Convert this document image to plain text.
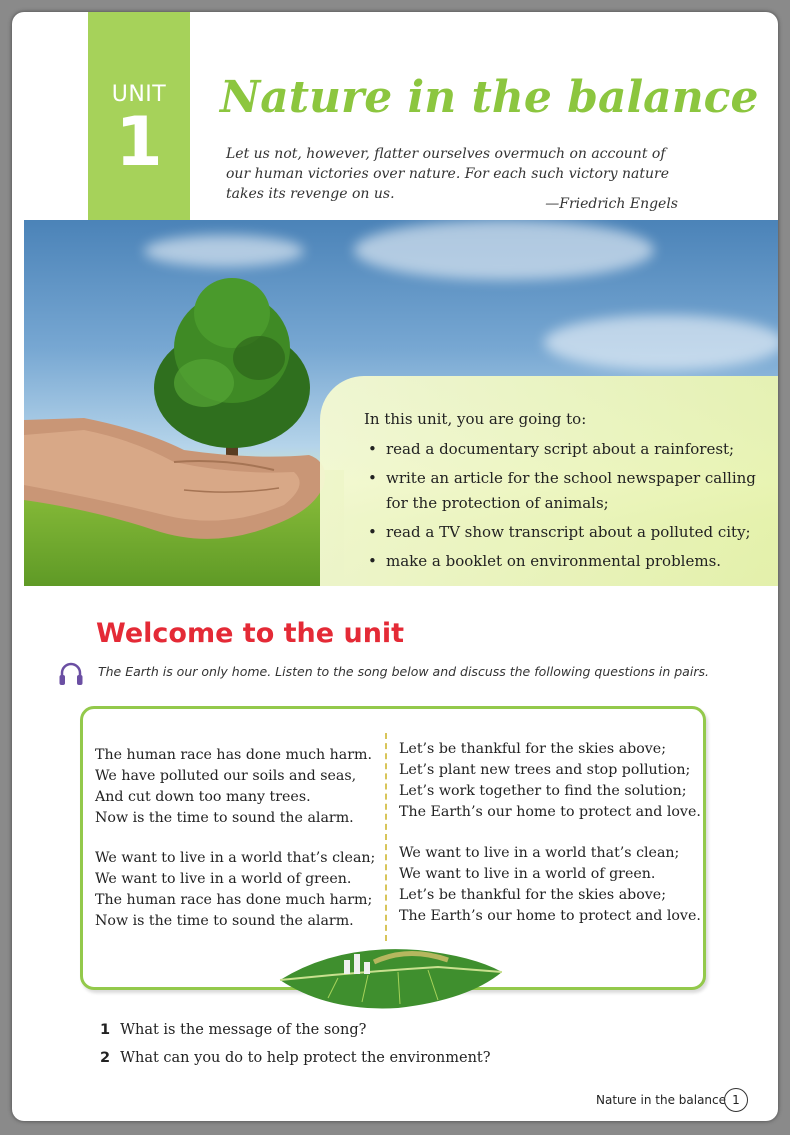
UNIT
1
Nature in the balance

Let us not, however, flatter ourselves overmuch on account of our human victories over nature. For each such victory nature takes its revenge on us.

—Friedrich Engels

In this unit, you are going to:

• read a documentary script about a rainforest;
• write an article for the school newspaper calling for the protection of animals;
• read a TV show transcript about a polluted city;
• make a booklet on environmental problems.
Welcome to the unit

The Earth is our only home. Listen to the song below and discuss the following questions in pairs.

The human race has done much harm.
We have polluted our soils and seas,
And cut down too many trees.
Now is the time to sound the alarm.

We want to live in a world that’s clean;
We want to live in a world of green.
The human race has done much harm;
Now is the time to sound the alarm.

Let’s be thankful for the skies above;
Let’s plant new trees and stop pollution;
Let’s work together to find the solution;
The Earth’s our home to protect and love.

We want to live in a world that’s clean;
We want to live in a world of green.
Let’s be thankful for the skies above;
The Earth’s our home to protect and love.

1 What is the message of the song?
2 What can you do to help protect the environment?
Nature in the balance 1
